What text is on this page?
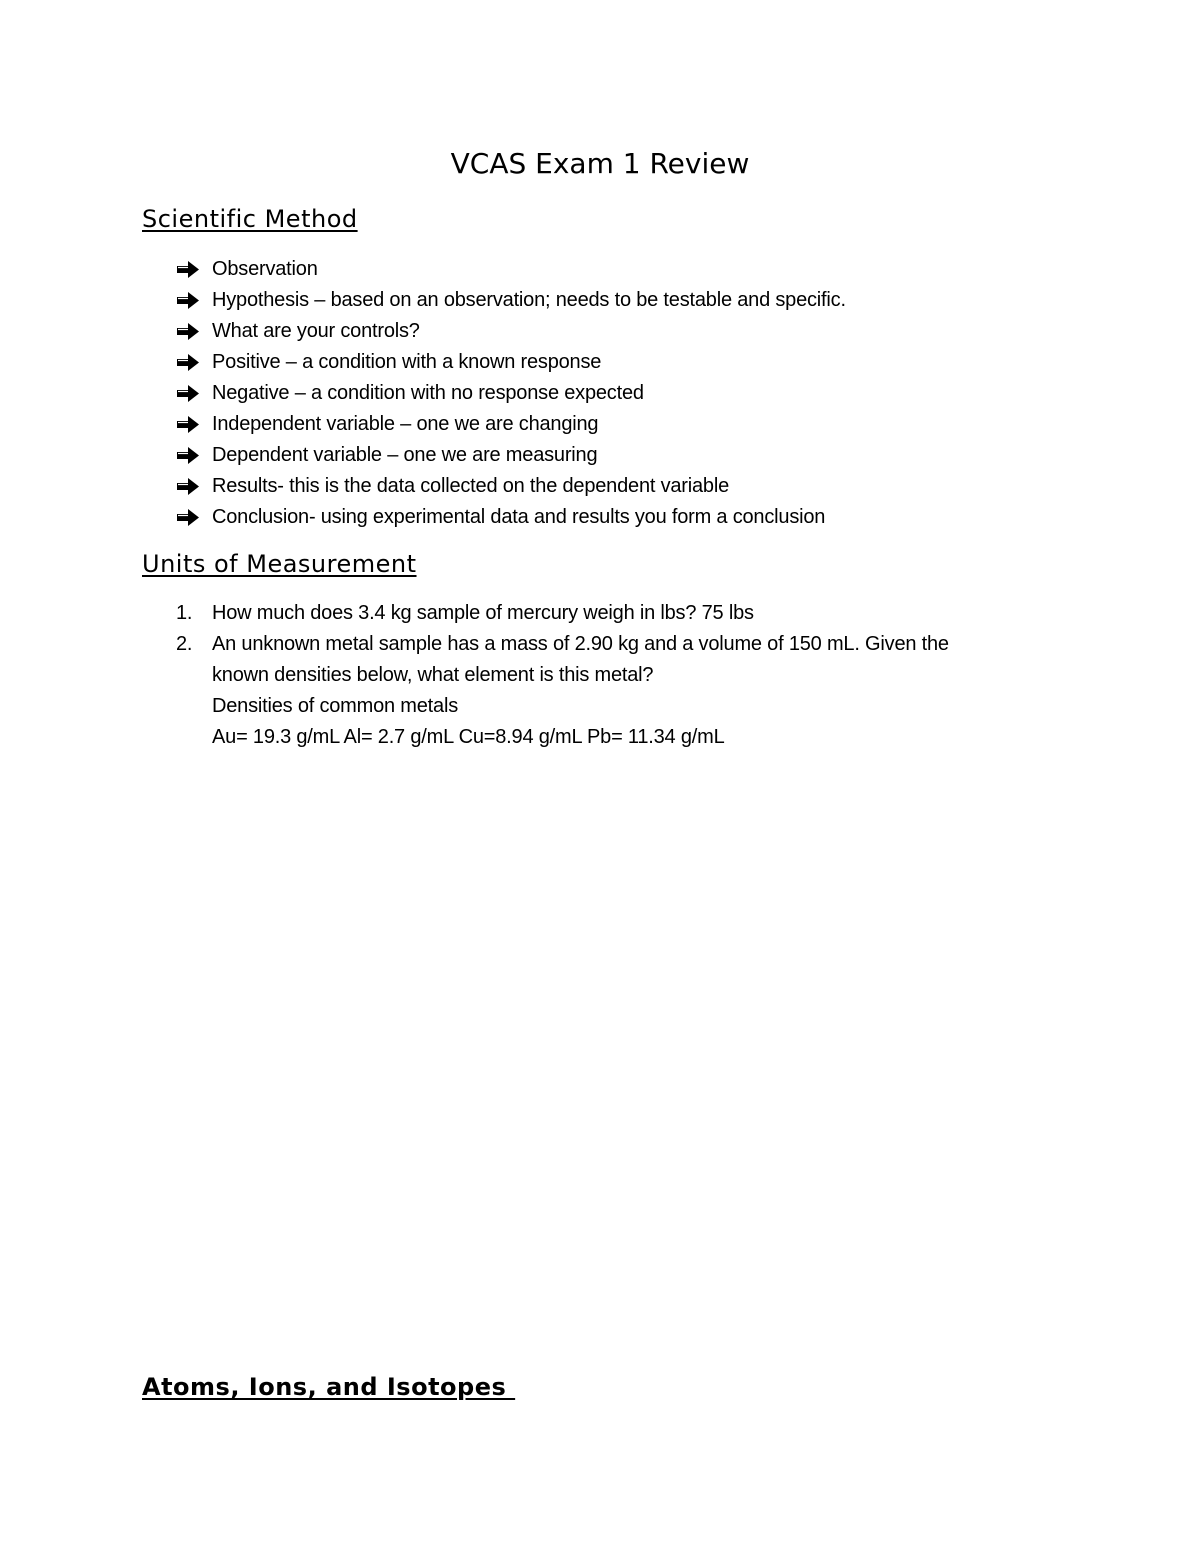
VCAS Exam 1 Review
Scientific Method
Observation
Hypothesis – based on an observation; needs to be testable and specific.
What are your controls?
Positive – a condition with a known response
Negative – a condition with no response expected
Independent variable – one we are changing
Dependent variable – one we are measuring
Results- this is the data collected on the dependent variable
Conclusion- using experimental data and results you form a conclusion
Units of Measurement
1. How much does 3.4 kg sample of mercury weigh in lbs? 75 lbs
2. An unknown metal sample has a mass of 2.90 kg and a volume of 150 mL. Given the
known densities below, what element is this metal?
Densities of common metals
Au= 19.3 g/mL Al= 2.7 g/mL Cu=8.94 g/mL Pb= 11.34 g/mL
Atoms, Ions, and Isotopes
